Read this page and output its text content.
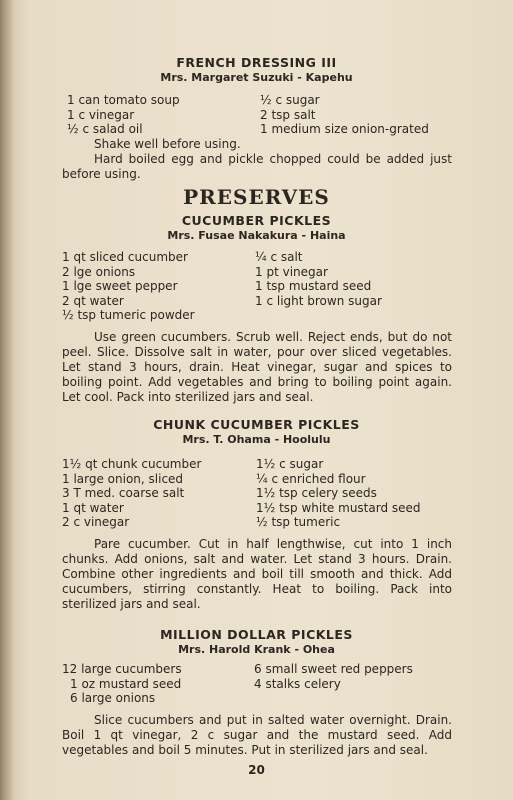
FRENCH DRESSING III
Mrs. Margaret Suzuki - Kapehu
1 can tomato soup
1 c vinegar
½ c salad oil
½ c sugar
2 tsp salt
1 medium size onion-grated

Shake well before using.

Hard boiled egg and pickle chopped could be added just before using.

PRESERVES
CUCUMBER PICKLES
Mrs. Fusae Nakakura - Haina
1 qt sliced cucumber
2 lge onions
1 lge sweet pepper
2 qt water
½ tsp tumeric powder
¼ c salt
1 pt vinegar
1 tsp mustard seed
1 c light brown sugar

Use green cucumbers. Scrub well. Reject ends, but do not peel. Slice. Dissolve salt in water, pour over sliced vegetables. Let stand 3 hours, drain. Heat vinegar, sugar and spices to boiling point. Add vegetables and bring to boiling point again. Let cool. Pack into sterilized jars and seal.

CHUNK CUCUMBER PICKLES
Mrs. T. Ohama - Hoolulu
1½ qt chunk cucumber
1 large onion, sliced
3 T med. coarse salt
1 qt water
2 c vinegar
1½ c sugar
¼ c enriched flour
1½ tsp celery seeds
1½ tsp white mustard seed
½ tsp tumeric

Pare cucumber. Cut in half lengthwise, cut into 1 inch chunks. Add onions, salt and water. Let stand 3 hours. Drain. Combine other ingredients and boil till smooth and thick. Add cucumbers, stirring constantly. Heat to boiling. Pack into sterilized jars and seal.

MILLION DOLLAR PICKLES
Mrs. Harold Krank - Ohea
12 large cucumbers
1 oz mustard seed
6 large onions
6 small sweet red peppers
4 stalks celery

Slice cucumbers and put in salted water overnight. Drain. Boil 1 qt vinegar, 2 c sugar and the mustard seed. Add vegetables and boil 5 minutes. Put in sterilized jars and seal.

20
